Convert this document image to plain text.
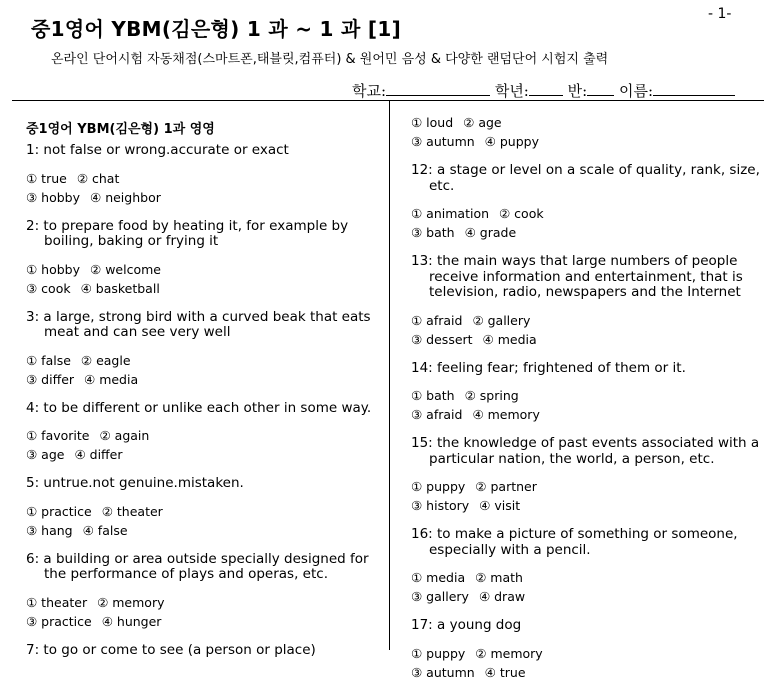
- 1-
중1영어 YBM(김은형) 1 과 ~ 1 과 [1]
온라인 단어시험 자동채점(스마트폰,태블릿,컴퓨터) & 원어민 음성 & 다양한 랜덤단어 시험지 출력
학교:	학년:	반: 이름:
중1영어 YBM(김은형) 1과 영영
1: not false or wrong.accurate or exact
① true ② chat
③ hobby ④ neighbor
2: to prepare food by heating it, for example by boiling, baking or frying it
① hobby ② welcome
③ cook ④ basketball
3: a large, strong bird with a curved beak that eats meat and can see very well
① false ② eagle
③ differ ④ media
4: to be different or unlike each other in some way.
① favorite ② again
③ age ④ differ
5: untrue.not genuine.mistaken.
① practice ② theater
③ hang ④ false
6: a building or area outside specially designed for the performance of plays and operas, etc.
① theater ② memory
③ practice ④ hunger
7: to go or come to see (a person or place)
① loud ② age
③ autumn ④ puppy
12: a stage or level on a scale of quality, rank, size, etc.
① animation ② cook
③ bath ④ grade
13: the main ways that large numbers of people receive information and entertainment, that is television, radio, newspapers and the Internet
① afraid ② gallery
③ dessert ④ media
14: feeling fear; frightened of them or it.
① bath ② spring
③ afraid ④ memory
15: the knowledge of past events associated with a particular nation, the world, a person, etc.
① puppy ② partner
③ history ④ visit
16: to make a picture of something or someone, especially with a pencil.
① media ② math
③ gallery ④ draw
17: a young dog
① puppy ② memory
③ autumn ④ true
